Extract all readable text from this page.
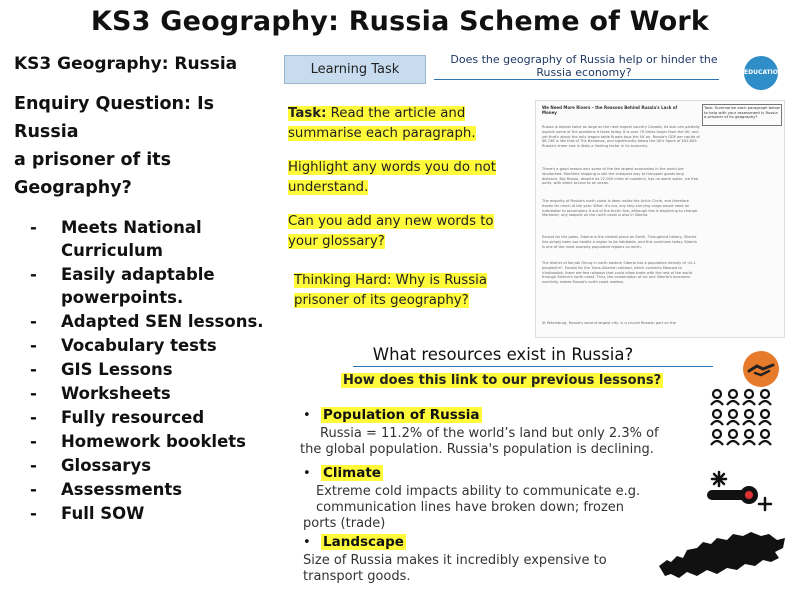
KS3 Geography: Russia Scheme of Work
KS3 Geography: Russia
Enquiry Question: Is Russia
a prisoner of its
Geography?
- Meets National Curriculum
- Easily adaptable powerpoints.
- Adapted SEN lessons.
- Vocabulary tests
- GIS Lessons
- Worksheets
- Fully resourced
- Homework booklets
- Glossarys
- Assessments
- Full SOW
Learning Task
Does the geography of Russia help or hinder the Russia economy?	EDUCATION
Task: Read the article and summarise each paragraph.
Highlight any words you do not understand.
Can you add any new words to your glossary?
Thinking Hard: Why is Russia prisoner of its geography?
We Need More Rivers – the Reasons Behind Russia's Lack of Money
Task: Summarise each paragraph below to help with your assessment Is Russia a prisoner of its geography?
Russia is almost twice as large as the next largest country Canada, its size can partially explain some of the problems it faces today. It is over 70 times larger than the UK, and yet that's about the only league table Russia tops the UK on. Russia's GDP per capita of $8,748 is like that of The Bahamas, and significantly below the UK's figure of $42,609. Russia's sheer size is likely a limiting factor in its economy.
There's a good reason why some of the ten largest economies in the world are landlocked. Maritime shipping is still the cheapest way to transport goods long distance. But Russia, despite its 22,000 miles of coastline, has no warm water, ice free ports, with direct access to an ocean.
The majority of Russia's north coast is deep inside the Arctic Circle, and therefore frozen for much of the year. When it's not, any ship carrying cargo would need an icebreaker to accompany it out of the Arctic Sea, although this is beginning to change. Moreover, any seaport on the north coast is also in Siberia.
Except for the poles, Siberia is the coldest place on Earth. Throughout history, Siberia has simply been too hostile a region to be habitable, and this continues today. Siberia is one of the most sparsely populated regions on earth.
The district of Koryak Okrug in north eastern Siberia has a population density of <0.1 people/km². Except for the Trans-Siberian railroad, which connects Moscow to Vladivostok, there are few railways that could allow trade with the rest of the world through Siberia's north coast. Thus, the combination of ice and Siberia's economic inactivity makes Russia's north coast useless.
St Petersburg, Russia's second largest city, is a crucial Russian port on the
What resources exist in Russia?
How does this link to our previous lessons?
• Population of Russia
Russia = 11.2% of the world’s land but only 2.3% of
the global population. Russia's population is declining.
• Climate
Extreme cold impacts ability to communicate e.g.
communication lines have broken down; frozen
ports (trade)
• Landscape
Size of Russia makes it incredibly expensive to
transport goods.
